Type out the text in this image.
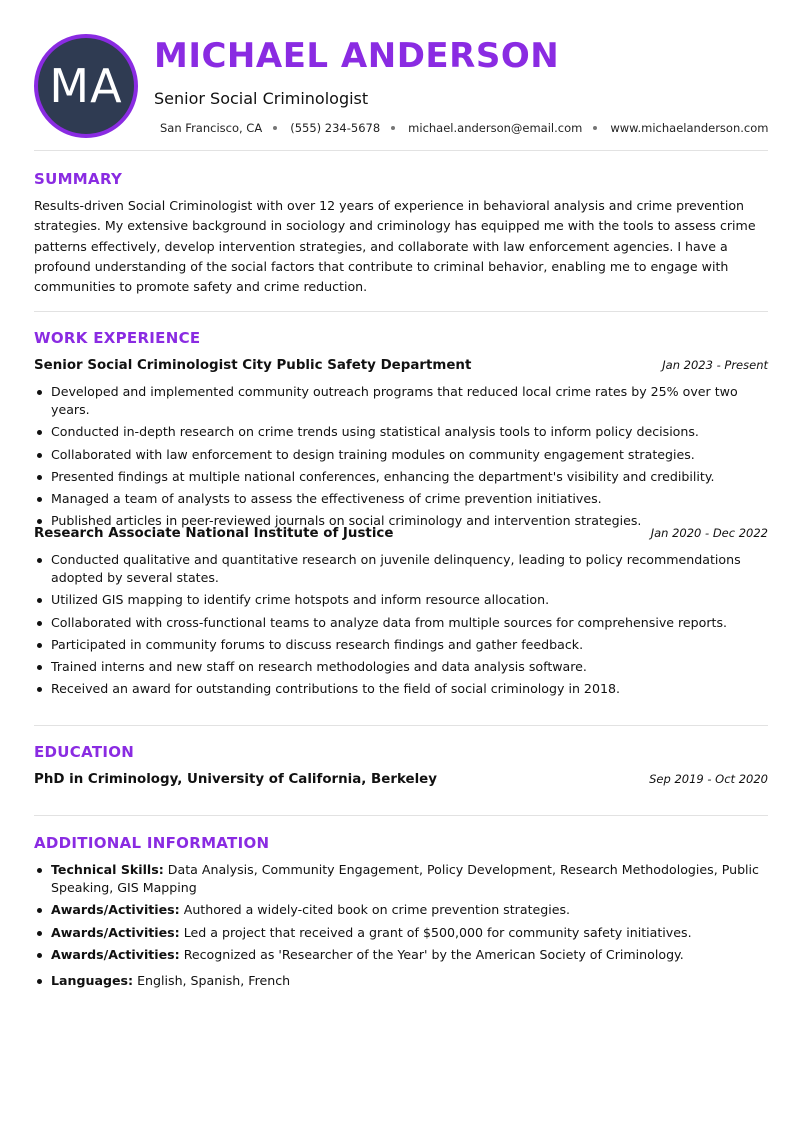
MA
MICHAEL ANDERSON
Senior Social Criminologist
San Francisco, CA (555) 234-5678 michael.anderson@email.com www.michaelanderson.com
SUMMARY
Results-driven Social Criminologist with over 12 years of experience in behavioral analysis and crime prevention strategies. My extensive background in sociology and criminology has equipped me with the tools to assess crime patterns effectively, develop intervention strategies, and collaborate with law enforcement agencies. I have a profound understanding of the social factors that contribute to criminal behavior, enabling me to engage with communities to promote safety and crime reduction.
WORK EXPERIENCE
Senior Social Criminologist City Public Safety Department	Jan 2023 - Present
Developed and implemented community outreach programs that reduced local crime rates by 25% over two years.
Conducted in-depth research on crime trends using statistical analysis tools to inform policy decisions.
Collaborated with law enforcement to design training modules on community engagement strategies.
Presented findings at multiple national conferences, enhancing the department's visibility and credibility.
Managed a team of analysts to assess the effectiveness of crime prevention initiatives.
Published articles in peer-reviewed journals on social criminology and intervention strategies.
Research Associate National Institute of Justice	Jan 2020 - Dec 2022
Conducted qualitative and quantitative research on juvenile delinquency, leading to policy recommendations adopted by several states.
Utilized GIS mapping to identify crime hotspots and inform resource allocation.
Collaborated with cross-functional teams to analyze data from multiple sources for comprehensive reports.
Participated in community forums to discuss research findings and gather feedback.
Trained interns and new staff on research methodologies and data analysis software.
Received an award for outstanding contributions to the field of social criminology in 2018.
EDUCATION
PhD in Criminology, University of California, Berkeley	Sep 2019 - Oct 2020
ADDITIONAL INFORMATION
Technical Skills: Data Analysis, Community Engagement, Policy Development, Research Methodologies, Public Speaking, GIS Mapping
Awards/Activities: Authored a widely-cited book on crime prevention strategies.
Awards/Activities: Led a project that received a grant of $500,000 for community safety initiatives.
Awards/Activities: Recognized as 'Researcher of the Year' by the American Society of Criminology.
Languages: English, Spanish, French
